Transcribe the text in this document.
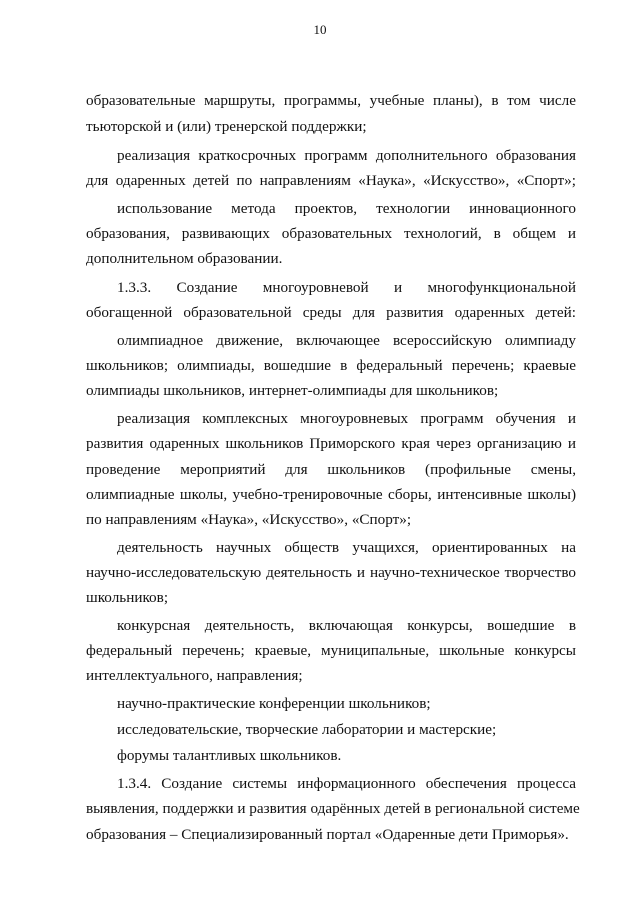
10
образовательные маршруты, программы, учебные планы), в том числе
тьюторской и (или) тренерской поддержки;
реализация краткосрочных программ дополнительного образования
для одаренных детей по направлениям «Наука», «Искусство», «Спорт»;
использование метода проектов, технологии инновационного
образования, развивающих образовательных технологий, в общем и
дополнительном образовании.
1.3.3. Создание многоуровневой и многофункциональной
обогащенной образовательной среды для развития одаренных детей:
олимпиадное движение, включающее всероссийскую олимпиаду
школьников; олимпиады, вошедшие в федеральный перечень; краевые
олимпиады школьников, интернет-олимпиады для школьников;
реализация комплексных многоуровневых программ обучения и
развития одаренных школьников Приморского края через организацию и
проведение мероприятий для школьников (профильные смены,
олимпиадные школы, учебно-тренировочные сборы, интенсивные школы)
по направлениям «Наука», «Искусство», «Спорт»;
деятельность научных обществ учащихся, ориентированных на
научно-исследовательскую деятельность и научно-техническое творчество
школьников;
конкурсная деятельность, включающая конкурсы, вошедшие в
федеральный перечень; краевые, муниципальные, школьные конкурсы
интеллектуального, направления;
научно-практические конференции школьников;
исследовательские, творческие лаборатории и мастерские;
форумы талантливых школьников.
1.3.4. Создание системы информационного обеспечения процесса
выявления, поддержки и развития одарённых детей в региональной системе
образования – Специализированный портал «Одаренные дети Приморья».
